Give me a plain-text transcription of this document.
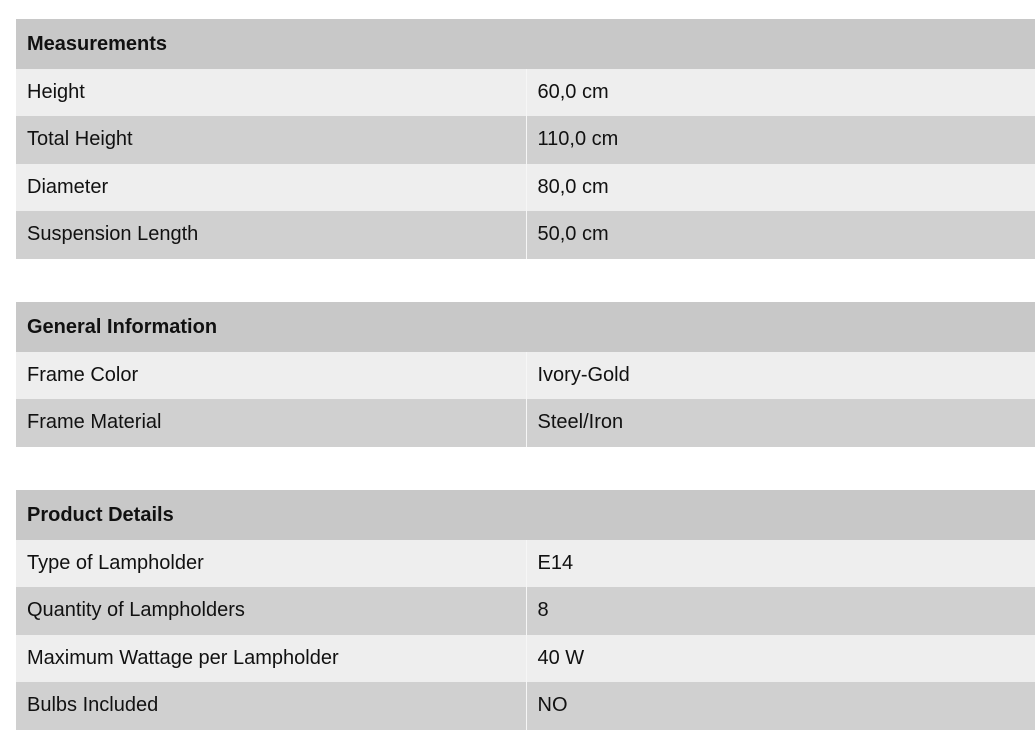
Measurements	
Height	60,0 cm
Total Height	110,0 cm
Diameter	80,0 cm
Suspension Length	50,0 cm
General Information	
Frame Color	Ivory-Gold
Frame Material	Steel/Iron
Product Details	
Type of Lampholder	E14
Quantity of Lampholders	8
Maximum Wattage per Lampholder	40 W
Bulbs Included	NO
